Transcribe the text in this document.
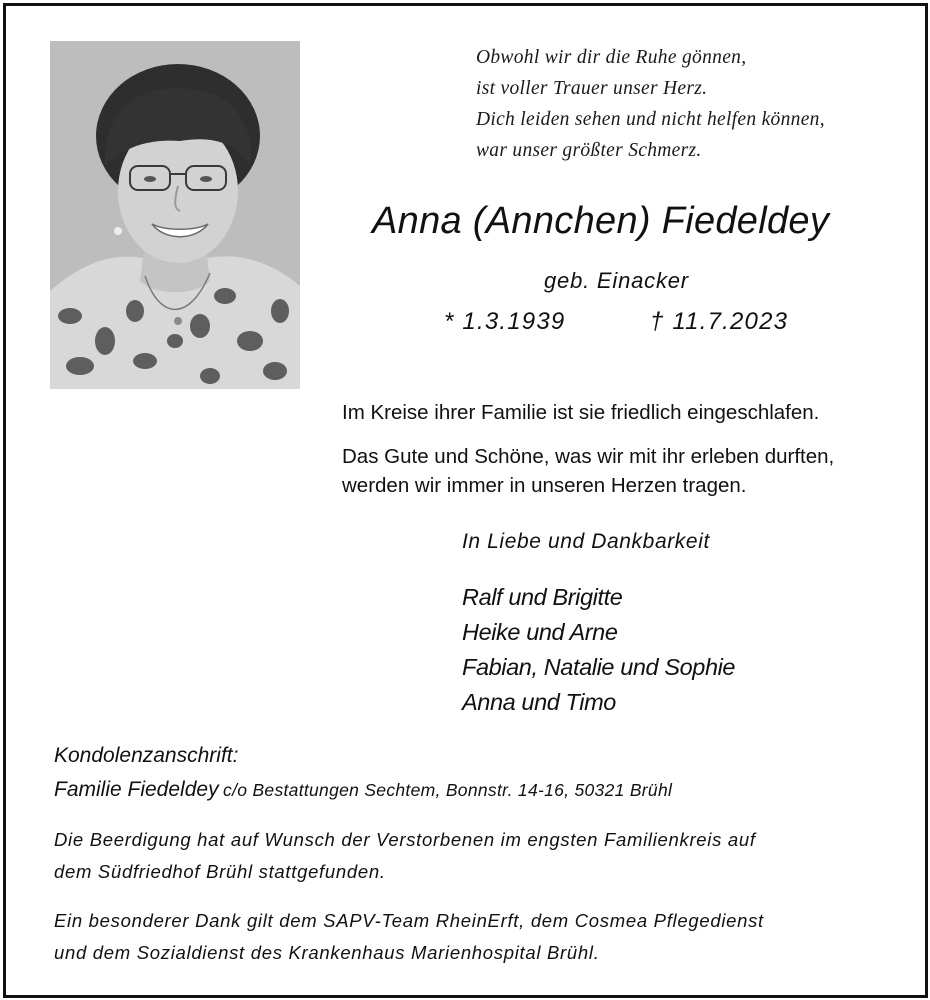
Obwohl wir dir die Ruhe gönnen,
ist voller Trauer unser Herz.
Dich leiden sehen und nicht helfen können,
war unser größter Schmerz.
Anna (Annchen) Fiedeldey
geb. Einacker
* 1.3.1939	† 11.7.2023
Im Kreise ihrer Familie ist sie friedlich eingeschlafen.
Das Gute und Schöne, was wir mit ihr erleben durften,
werden wir immer in unseren Herzen tragen.
In Liebe und Dankbarkeit
Ralf und Brigitte
Heike und Arne
Fabian, Natalie und Sophie
Anna und Timo
Kondolenzanschrift:
Familie Fiedeldey c/o Bestattungen Sechtem, Bonnstr. 14-16, 50321 Brühl
Die Beerdigung hat auf Wunsch der Verstorbenen im engsten Familienkreis auf
dem Südfriedhof Brühl stattgefunden.
Ein besonderer Dank gilt dem SAPV-Team RheinErft, dem Cosmea Pflegedienst
und dem Sozialdienst des Krankenhaus Marienhospital Brühl.
